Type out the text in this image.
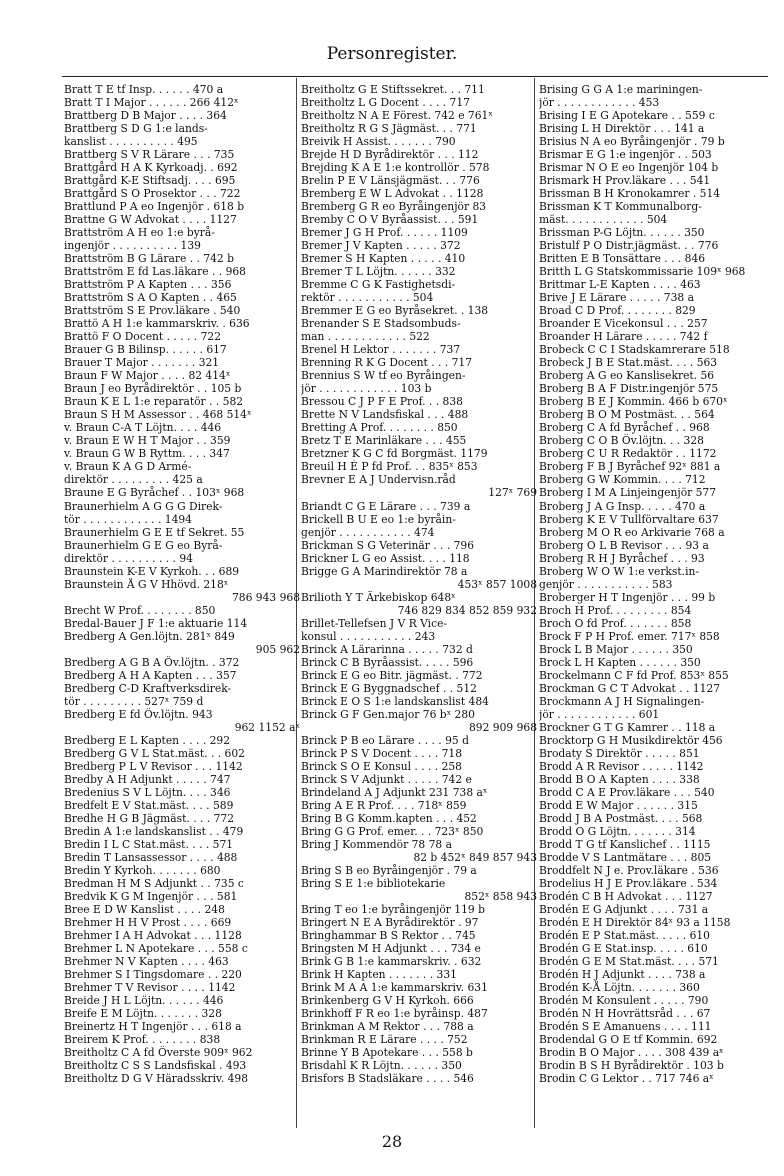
Personregister.
Bratt T E tf Insp. . . . . . 470 a
Bratt T I Major . . . . . . 266 412ˣ
Brattberg D B Major . . . . 364
Brattberg S D G 1:e lands-
kanslist . . . . . . . . . . 495
Brattberg S V R Lärare . . . 735
Brattgård H A K Kyrkoadj. . 692
Brattgård K-E Stiftsadj. . . . 695
Brattgård S O Prosektor . . . 722
Brattlund P A eo Ingenjör . 618 b
Brattne G W Advokat . . . . 1127
Brattström A H eo 1:e byrå-
ingenjör . . . . . . . . . . 139
Brattström B G Lärare . . 742 b
Brattström E fd Las.läkare . . 968
Brattström P A Kapten . . . 356
Brattström S A O Kapten . . 465
Brattström S E Prov.läkare . 540
Brattö A H 1:e kammarskriv. . 636
Brattö F O Docent . . . . . 722
Brauer G B Bilinsp. . . . . . 617
Brauer T Major . . . . . . . 321
Braun F W Major . . . . 82 414ˣ
Braun J eo Byrådirektör . . 105 b
Braun K E L 1:e reparatör . . 582
Braun S H M Assessor . . 468 514ˣ
v. Braun C-A T Löjtn. . . . 446
v. Braun E W H T Major . . 359
v. Braun G W B Ryttm. . . . 347
v. Braun K A G D Armé-
direktör . . . . . . . . . 425 a
Braune E G Byråchef . . 103ˣ 968
Braunerhielm A G G G Direk-
tör . . . . . . . . . . . . 1494
Braunerhielm G E E tf Sekret. 55
Braunerhielm G E G eo Byrå-
direktör . . . . . . . . . . 94
Braunstein K-E V Kyrkoh. . . 689
Braunstein Å G V Hhövd. 218ˣ
786 943 968
Brecht W Prof. . . . . . . . 850
Bredal-Bauer J F 1:e aktuarie 114
Bredberg A Gen.löjtn. 281ˣ 849
905 962
Bredberg A G B A Öv.löjtn. . 372
Bredberg A H A Kapten . . . 357
Bredberg C-D Kraftverksdirek-
tör . . . . . . . . . 527ˣ 759 d
Bredberg E fd Öv.löjtn. 943
962 1152 aˣ
Bredberg E L Kapten . . . . 292
Bredberg G V L Stat.mäst. . . 602
Bredberg P L V Revisor . . . 1142
Bredby A H Adjunkt . . . . . 747
Bredenius S V L Löjtn. . . . 346
Bredfelt E V Stat.mäst. . . . 589
Bredhe H G B Jägmäst. . . . 772
Bredin A 1:e landskanslist . . 479
Bredin I L C Stat.mäst. . . . 571
Bredin T Lansassessor . . . . 488
Bredin Y Kyrkoh. . . . . . . 680
Bredman H M S Adjunkt . . 735 c
Bredvik K G M Ingenjör . . . 581
Bree E D W Kanslist . . . . 248
Brehmer H H V Prost . . . . 669
Brehmer I A H Advokat . . . 1128
Brehmer L N Apotekare . . . 558 c
Brehmer N V Kapten . . . . 463
Brehmer S I Tingsdomare . . 220
Brehmer T V Revisor . . . . 1142
Breide J H L Löjtn. . . . . . 446
Breife E M Löjtn. . . . . . . 328
Breinertz H T Ingenjör . . . 618 a
Breirem K Prof. . . . . . . . 838
Breitholtz C A fd Överste 909ˣ 962
Breitholtz C S S Landsfiskal . 493
Breitholtz D G V Häradsskriv. 498
Breitholtz G E Stiftssekret. . . 711
Breitholtz L G Docent . . . . 717
Breitholtz N A E Förest. 742 e 761ˣ
Breitholtz R G S Jägmäst. . . 771
Breivik H Assist. . . . . . . 790
Brejde H D Byrådirektör . . . 112
Brejding K A E 1:e kontrollör . 578
Brelin P E V Länsjägmäst. . . 776
Bremberg E W L Advokat . . 1128
Bremberg G R eo Byråingenjör 83
Bremby C O V Byråassist. . . 591
Bremer J G H Prof. . . . . . 1109
Bremer J V Kapten . . . . . 372
Bremer S H Kapten . . . . . 410
Bremer T L Löjtn. . . . . . 332
Bremme C G K Fastighetsdi-
rektör . . . . . . . . . . . 504
Bremmer E G eo Byråsekret. . 138
Brenander S E Stadsombuds-
man . . . . . . . . . . . . 522
Brenel H Lektor . . . . . . . 737
Brenning R K G Docent . . . 717
Brennius S W tf eo Byråingen-
jör . . . . . . . . . . . . 103 b
Bressou C J P F E Prof. . . 838
Brette N V Landsfiskal . . . 488
Bretting A Prof. . . . . . . . 850
Bretz T E Marinläkare . . . 455
Bretzner K G C fd Borgmäst. 1179
Breuil H É P fd Prof. . . 835ˣ 853
Brevner E A J Undervisn.råd
127ˣ 769
Briandt C G E Lärare . . . 739 a
Brickell B U E eo 1:e byråin-
genjör . . . . . . . . . . . 474
Brickman S G Veterinär . . . 796
Brickner L G eo Assist. . . . 118
Brigge G A Marindirektör 78 a
453ˣ 857 1008
Brilioth Y T Ärkebiskop 648ˣ
746 829 834 852 859 932
Brillet-Tellefsen J V R Vice-
konsul . . . . . . . . . . . 243
Brinck A Lärarinna . . . . . 732 d
Brinck C B Byråassist. . . . . 596
Brinck E G eo Bitr. jägmäst. . 772
Brinck E G Byggnadschef . . 512
Brinck E O S 1:e landskanslist 484
Brinck G F Gen.major 76 bˣ 280
892 909 968
Brinck P B eo Lärare . . . . 95 d
Brinck P S V Docent . . . . 718
Brinck S O E Konsul . . . . 258
Brinck S V Adjunkt . . . . . 742 e
Brindeland A J Adjunkt 231 738 aˣ
Bring A E R Prof. . . . 718ˣ 859
Bring B G Komm.kapten . . . 452
Bring G G Prof. emer. . . 723ˣ 850
Bring J Kommendör 78 78 a
82 b 452ˣ 849 857 943
Bring S B eo Byråingenjör . 79 a
Bring S E 1:e bibliotekarie
852ˣ 858 943
Bring T eo 1:e byråingenjör 119 b
Bringert N E A Byrådirektör . 97
Bringhammar B S Rektor . . 745
Bringsten M H Adjunkt . . . 734 e
Brink G B 1:e kammarskriv. . 632
Brink H Kapten . . . . . . . 331
Brink M A A 1:e kammarskriv. 631
Brinkenberg G V H Kyrkoh. 666
Brinkhoff F R eo 1:e byråinsp. 487
Brinkman A M Rektor . . . 788 a
Brinkman R E Lärare . . . . 752
Brinne Y B Apotekare . . . 558 b
Brisdahl K R Löjtn. . . . . . 350
Brisfors B Stadsläkare . . . . 546
Brising G G A 1:e mariningen-
jör . . . . . . . . . . . . 453
Brising I E G Apotekare . . 559 c
Brising L H Direktör . . . 141 a
Brisius N A eo Byråingenjör . 79 b
Brismar E G 1:e ingenjör . . 503
Brismar N O E eo Ingenjör 104 b
Brismark H Prov.läkare . . . 541
Brissman B H Kronokamrer . 514
Brissman K T Kommunalborg-
mäst. . . . . . . . . . . . 504
Brissman P-G Löjtn. . . . . . 350
Bristulf P O Distr.jägmäst. . . 776
Britten E B Tonsättare . . . 846
Britth L G Statskommissarie 109ˣ 968
Brittmar L-E Kapten . . . . 463
Brive J E Lärare . . . . . 738 a
Broad C D Prof. . . . . . . . 829
Broander E Vicekonsul . . . 257
Broander H Lärare . . . . . 742 f
Brobeck C C I Stadskamrerare 518
Brobeck J B E Stat.mäst. . . . 563
Broberg A G eo Kanslisekret. 56
Broberg B A F Distr.ingenjör 575
Broberg B E J Kommin. 466 b 670ˣ
Broberg B O M Postmäst. . . 564
Broberg C A fd Byråchef . . 968
Broberg C O B Öv.löjtn. . . 328
Broberg C U R Redaktör . . 1172
Broberg F B J Byråchef 92ˣ 881 a
Broberg G W Kommin. . . . 712
Broberg I M A Linjeingenjör 577
Broberg J A G Insp. . . . . 470 a
Broberg K E V Tullförvaltare 637
Broberg M O R eo Arkivarie 768 a
Broberg O L B Revisor . . . 93 a
Broberg R H J Byråchef . . . 93
Broberg W O W 1:e verkst.in-
genjör . . . . . . . . . . . 583
Broberger H T Ingenjör . . . 99 b
Broch H Prof. . . . . . . . . 854
Broch O fd Prof. . . . . . . 858
Brock F P H Prof. emer. 717ˣ 858
Brock L B Major . . . . . . 350
Brock L H Kapten . . . . . . 350
Brockelmann C F fd Prof. 853ˣ 855
Brockman G C T Advokat . . 1127
Brockmann A J H Signalingen-
jör . . . . . . . . . . . . 601
Brockner G T G Kamrer . . 118 a
Brocktorp G H Musikdirektör 456
Brodaty S Direktör . . . . . 851
Brodd A R Revisor . . . . . 1142
Brodd B O A Kapten . . . . 338
Brodd C A E Prov.läkare . . . 540
Brodd E W Major . . . . . . 315
Brodd J B A Postmäst. . . . 568
Brodd O G Löjtn. . . . . . . 314
Brodd T G tf Kanslichef . . 1115
Brodde V S Lantmätare . . . 805
Broddfelt N J e. Prov.läkare . 536
Brodelius H J E Prov.läkare . 534
Brodén C B H Advokat . . . 1127
Brodén E G Adjunkt . . . . 731 a
Brodén E H Direktör 84ˣ 93 a 1158
Brodén E P Stat.mäst. . . . . 610
Brodén G E Stat.insp. . . . . 610
Brodén G E M Stat.mäst. . . . 571
Brodén H J Adjunkt . . . . 738 a
Brodén K-Å Löjtn. . . . . . . 360
Brodén M Konsulent . . . . . 790
Brodén N H Hovrättsråd . . . 67
Brodén S E Amanuens . . . . 111
Brodendal G O E tf Kommin. 692
Brodin B O Major . . . . 308 439 aˣ
Brodin B S H Byrådirektör . 103 b
Brodin C G Lektor . . 717 746 aˣ
28
